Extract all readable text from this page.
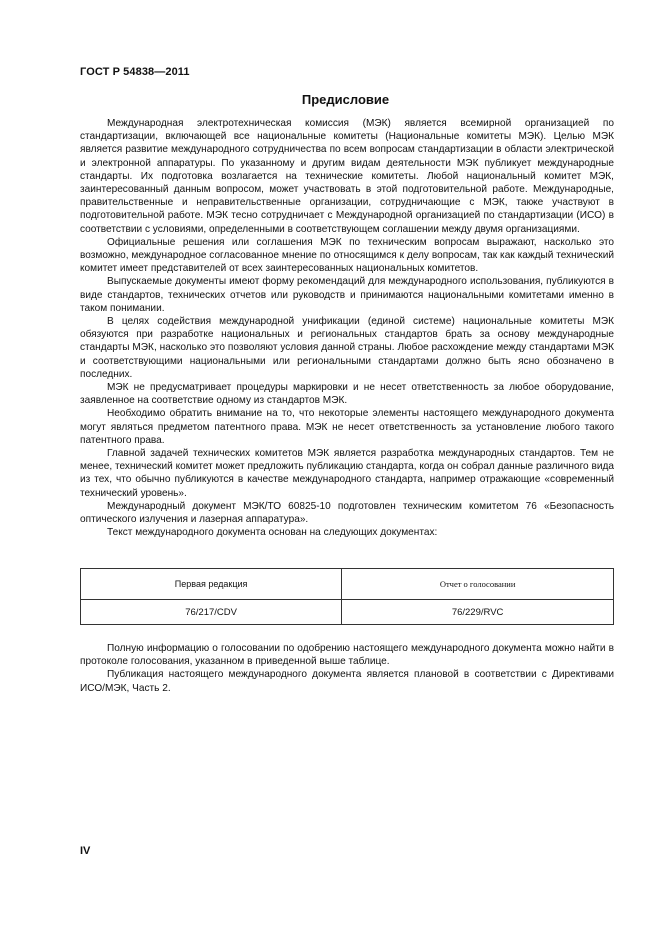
ГОСТ Р 54838—2011
Предисловие

Международная электротехническая комиссия (МЭК) является всемирной организацией по стандартизации, включающей все национальные комитеты (Национальные комитеты МЭК). Целью МЭК является развитие международного сотрудничества по всем вопросам стандартизации в области электрической и электронной аппаратуры. По указанному и другим видам деятельности МЭК публикует международные стандарты. Их подготовка возлагается на технические комитеты. Любой национальный комитет МЭК, заинтересованный данным вопросом, может участвовать в этой подготовительной работе. Международные, правительственные и неправительственные организации, сотрудничающие с МЭК, также участвуют в подготовительной работе. МЭК тесно сотрудничает с Международной организацией по стандартизации (ИСО) в соответствии с условиями, определенными в соответствующем соглашении между двумя организациями.

Официальные решения или соглашения МЭК по техническим вопросам выражают, насколько это возможно, международное согласованное мнение по относящимся к делу вопросам, так как каждый технический комитет имеет представителей от всех заинтересованных национальных комитетов.

Выпускаемые документы имеют форму рекомендаций для международного использования, публикуются в виде стандартов, технических отчетов или руководств и принимаются национальными комитетами именно в таком понимании.

В целях содействия международной унификации (единой системе) национальные комитеты МЭК обязуются при разработке национальных и региональных стандартов брать за основу международные стандарты МЭК, насколько это позволяют условия данной страны. Любое расхождение между стандартами МЭК и соответствующими национальными или региональными стандартами должно быть ясно обозначено в последних.

МЭК не предусматривает процедуры маркировки и не несет ответственность за любое оборудование, заявленное на соответствие одному из стандартов МЭК.

Необходимо обратить внимание на то, что некоторые элементы настоящего международного документа могут являться предметом патентного права. МЭК не несет ответственность за установление любого такого патентного права.

Главной задачей технических комитетов МЭК является разработка международных стандартов. Тем не менее, технический комитет может предложить публикацию стандарта, когда он собрал данные различного вида из тех, что обычно публикуются в качестве международного стандарта, например отражающие «современный технический уровень».

Международный документ МЭК/ТО 60825-10 подготовлен техническим комитетом 76 «Безопасность оптического излучения и лазерная аппаратура».

Текст международного документа основан на следующих документах:

Первая редакция	Отчет о голосовании
76/217/CDV	76/229/RVC

Полную информацию о голосовании по одобрению настоящего международного документа можно найти в протоколе голосования, указанном в приведенной выше таблице.

Публикация настоящего международного документа является плановой в соответствии с Директивами ИСО/МЭК, Часть 2.

IV
